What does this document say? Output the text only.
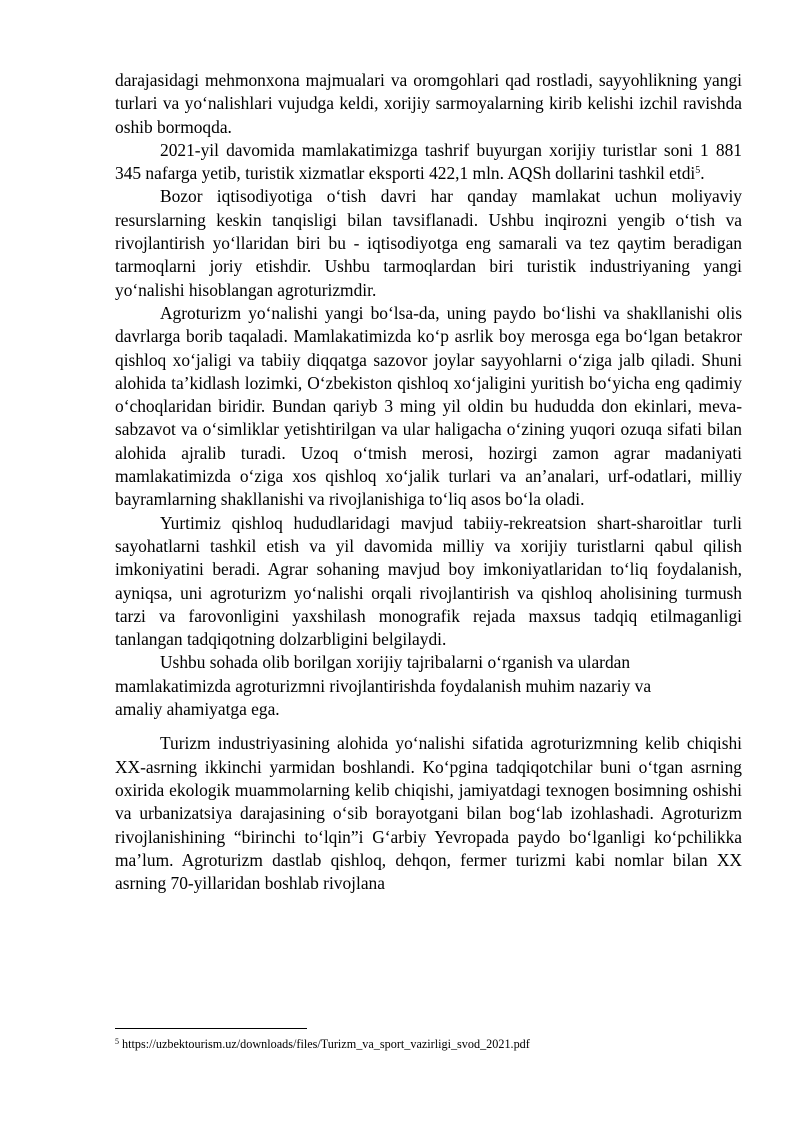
darajasidagi mehmonxona majmualari va oromgohlari qad rostladi, sayyohlikning yangi turlari va yo‘nalishlari vujudga keldi, xorijiy sarmoyalarning kirib kelishi izchil ravishda oshib bormoqda.

2021-yil davomida mamlakatimizga tashrif buyurgan xorijiy turistlar soni 1 881 345 nafarga yetib, turistik xizmatlar eksporti 422,1 mln. AQSh dollarini tashkil etdi$^5$.

Bozor iqtisodiyotiga o‘tish davri har qanday mamlakat uchun moliyaviy resurslarning keskin tanqisligi bilan tavsiflanadi. Ushbu inqirozni yengib o‘tish va rivojlantirish yo‘llaridan biri bu - iqtisodiyotga eng samarali va tez qaytim beradigan tarmoqlarni joriy etishdir. Ushbu tarmoqlardan biri turistik industriyaning yangi yo‘nalishi hisoblangan agroturizmdir.

Agroturizm yo‘nalishi yangi bo‘lsa-da, uning paydo bo‘lishi va shakllanishi olis davrlarga borib taqaladi. Mamlakatimizda ko‘p asrlik boy merosga ega bo‘lgan betakror qishloq xo‘jaligi va tabiiy diqqatga sazovor joylar sayyohlarni o‘ziga jalb qiladi. Shuni alohida ta’kidlash lozimki, O‘zbekiston qishloq xo‘jaligini yuritish bo‘yicha eng qadimiy o‘choqlaridan biridir. Bundan qariyb 3 ming yil oldin bu hududda don ekinlari, meva-sabzavot va o‘simliklar yetishtirilgan va ular haligacha o‘zining yuqori ozuqa sifati bilan alohida ajralib turadi. Uzoq o‘tmish merosi, hozirgi zamon agrar madaniyati mamlakatimizda o‘ziga xos qishloq xo‘jalik turlari va an’analari, urf-odatlari, milliy bayramlarning shakllanishi va rivojlanishiga to‘liq asos bo‘la oladi.

Yurtimiz qishloq hududlaridagi mavjud tabiiy-rekreatsion shart-sharoitlar turli sayohatlarni tashkil etish va yil davomida milliy va xorijiy turistlarni qabul qilish imkoniyatini beradi. Agrar sohaning mavjud boy imkoniyatlaridan to‘liq foydalanish, ayniqsa, uni agroturizm yo‘nalishi orqali rivojlantirish va qishloq aholisining turmush tarzi va farovonligini yaxshilash monografik rejada maxsus tadqiq etilmaganligi tanlangan tadqiqotning dolzarbligini belgilaydi.

Ushbu sohada olib borilgan xorijiy tajribalarni o‘rganish va ulardan mamlakatimizda agroturizmni rivojlantirishda foydalanish muhim nazariy va amaliy ahamiyatga ega.

Turizm industriyasining alohida yo‘nalishi sifatida agroturizmning kelib chiqishi XX-asrning ikkinchi yarmidan boshlandi. Ko‘pgina tadqiqotchilar buni o‘tgan asrning oxirida ekologik muammolarning kelib chiqishi, jamiyatdagi texnogen bosimning oshishi va urbanizatsiya darajasining o‘sib borayotgani bilan bog‘lab izohlashadi. Agroturizm rivojlanishining “birinchi to‘lqin”i G‘arbiy Yevropada paydo bo‘lganligi ko‘pchilikka ma’lum. Agroturizm dastlab qishloq, dehqon, fermer turizmi kabi nomlar bilan XX asrning 70-yillaridan boshlab rivojlana

$^5$ https://uzbektourism.uz/downloads/files/Turizm_va_sport_vazirligi_svod_2021.pdf
